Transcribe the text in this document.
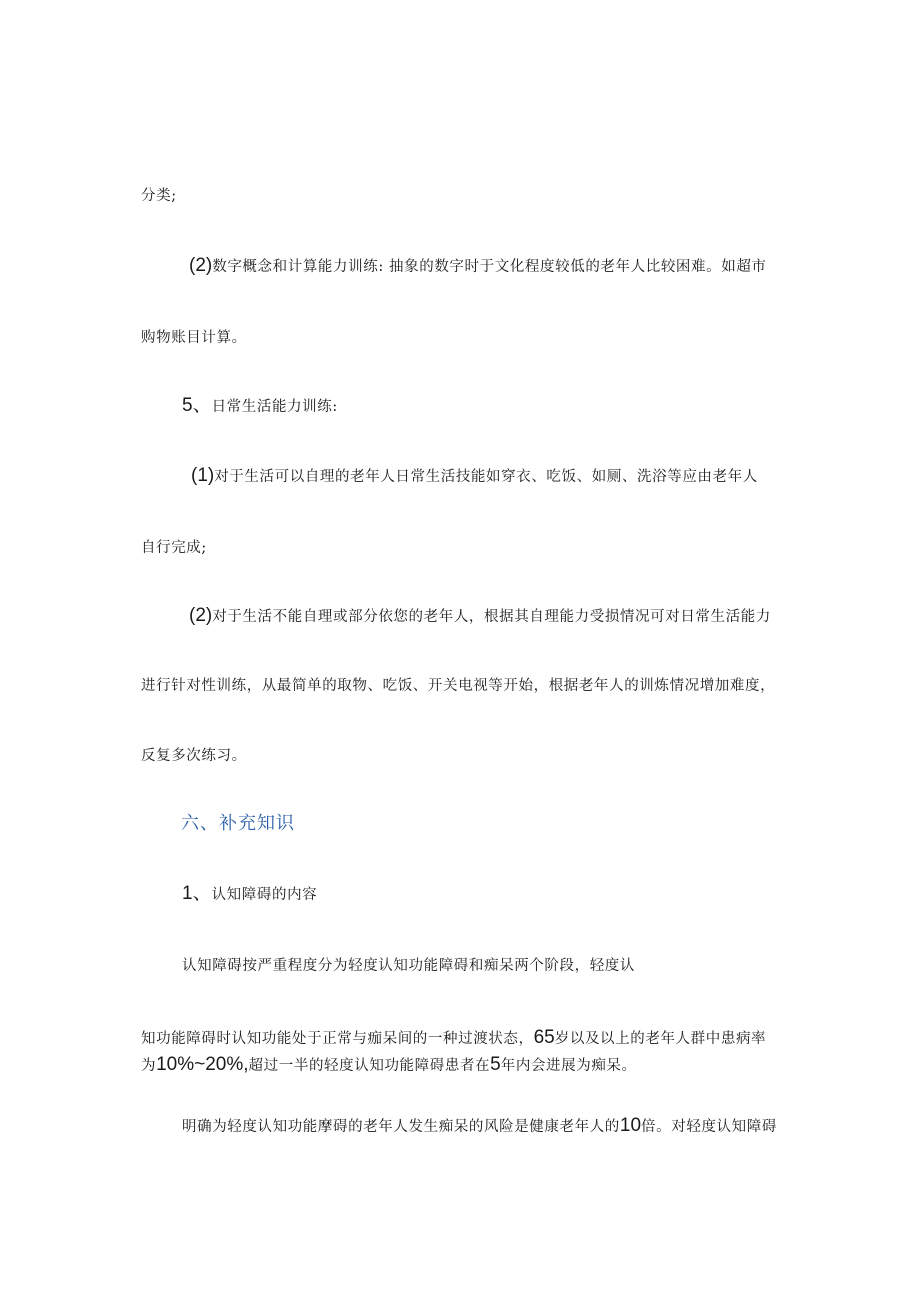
分类;
(2)数字概念和计算能力训练: 抽象的数字时于文化程度较低的老年人比较困难。如超市
购物账目计算。
5、日常生活能力训练:
(1)对于生活可以自理的老年人日常生活技能如穿衣、吃饭、如厕、洗浴等应由老年人
自行完成;
(2)对于生活不能自理或部分依您的老年人，根据其自理能力受损情况可对日常生活能力
进行针对性训练，从最简单的取物、吃饭、开关电视等开始，根据老年人的训炼情况增加难度，
反复多次练习。
六、补充知识
1、认知障碍的内容
认知障碍按严重程度分为轻度认知功能障碍和痴呆两个阶段，轻度认
知功能障碍时认知功能处于正常与痂呆间的一种过渡状态，65岁以及以上的老年人群中患病率
为10%~20%,超过一半的轻度认知功能障碍患者在5年内会进展为痴呆。
明确为轻度认知功能摩碍的老年人发生痴呆的风险是健康老年人的10倍。对轻度认知障碍
